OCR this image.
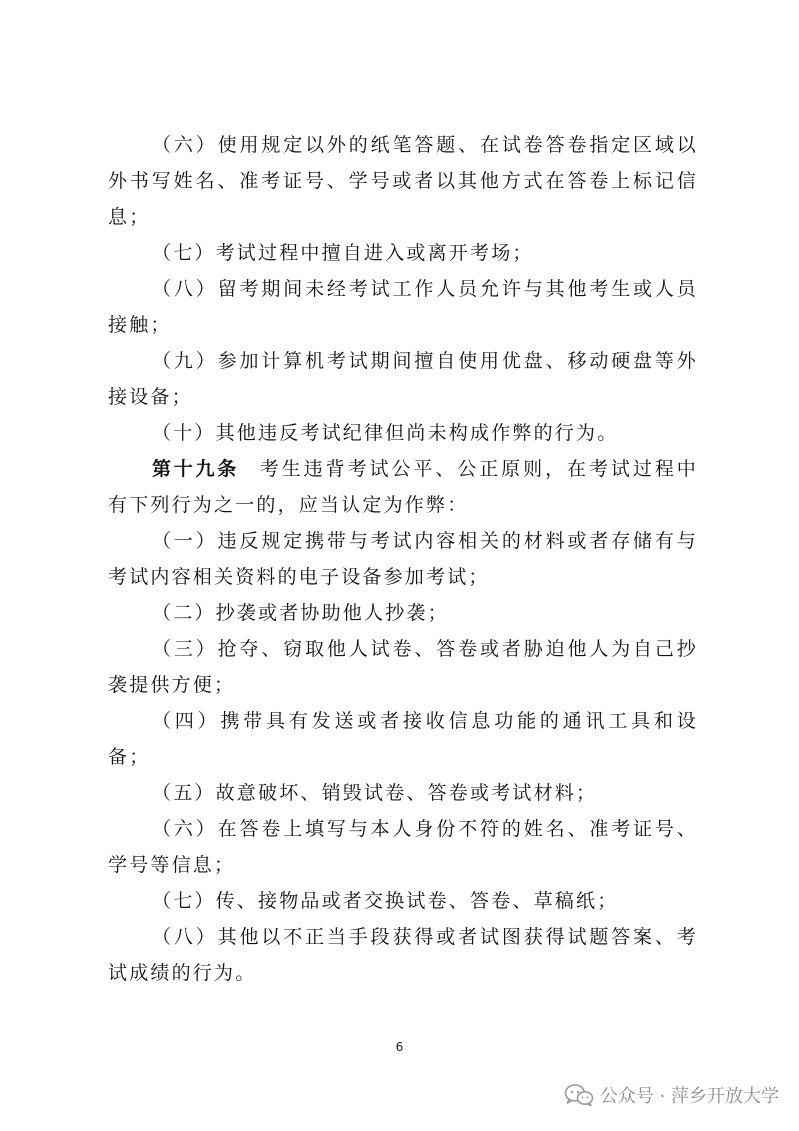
（六）使用规定以外的纸笔答题、在试卷答卷指定区域以外书写姓名、准考证号、学号或者以其他方式在答卷上标记信息；

（七）考试过程中擅自进入或离开考场；

（八）留考期间未经考试工作人员允许与其他考生或人员接触；

（九）参加计算机考试期间擅自使用优盘、移动硬盘等外接设备；

（十）其他违反考试纪律但尚未构成作弊的行为。

第十九条 考生违背考试公平、公正原则，在考试过程中有下列行为之一的，应当认定为作弊：

（一）违反规定携带与考试内容相关的材料或者存储有与考试内容相关资料的电子设备参加考试；

（二）抄袭或者协助他人抄袭；

（三）抢夺、窃取他人试卷、答卷或者胁迫他人为自己抄袭提供方便；

（四）携带具有发送或者接收信息功能的通讯工具和设备；

（五）故意破坏、销毁试卷、答卷或考试材料；

（六）在答卷上填写与本人身份不符的姓名、准考证号、学号等信息；

（七）传、接物品或者交换试卷、答卷、草稿纸；

（八）其他以不正当手段获得或者试图获得试题答案、考试成绩的行为。

6
公众号 · 萍乡开放大学
